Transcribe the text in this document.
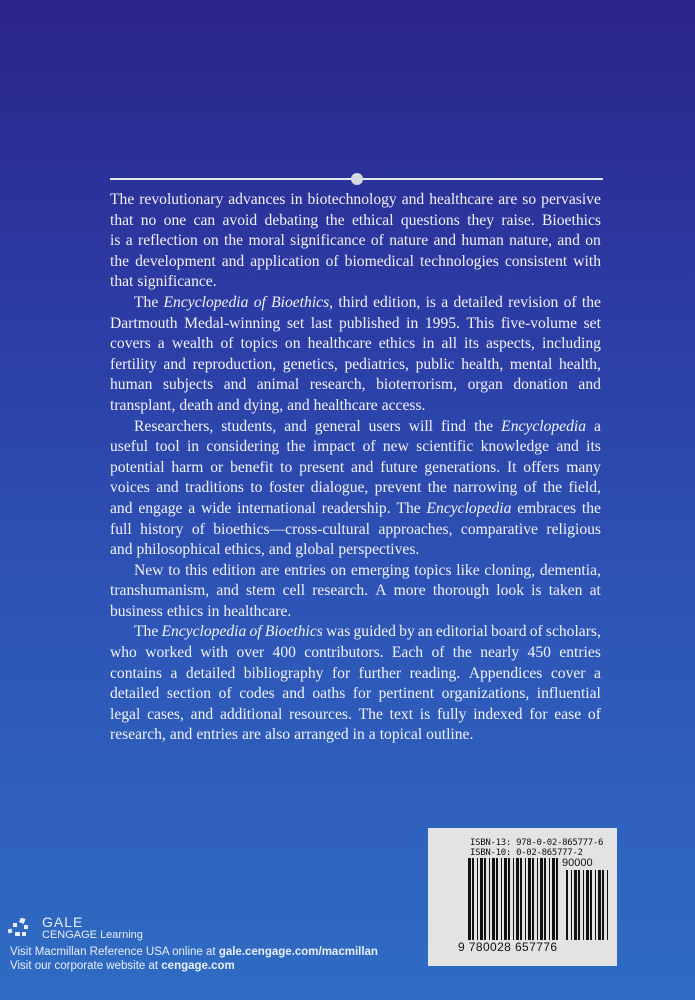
The revolutionary advances in biotechnology and healthcare are so pervasive
that no one can avoid debating the ethical questions they raise. Bioethics
is a reflection on the moral significance of nature and human nature, and on
the development and application of biomedical technologies consistent with
that significance.
The Encyclopedia of Bioethics, third edition, is a detailed revision of the
Dartmouth Medal-winning set last published in 1995. This five-volume set
covers a wealth of topics on healthcare ethics in all its aspects, including
fertility and reproduction, genetics, pediatrics, public health, mental health,
human subjects and animal research, bioterrorism, organ donation and
transplant, death and dying, and healthcare access.
Researchers, students, and general users will find the Encyclopedia a
useful tool in considering the impact of new scientific knowledge and its
potential harm or benefit to present and future generations. It offers many
voices and traditions to foster dialogue, prevent the narrowing of the field,
and engage a wide international readership. The Encyclopedia embraces the
full history of bioethics—cross-cultural approaches, comparative religious
and philosophical ethics, and global perspectives.
New to this edition are entries on emerging topics like cloning, dementia,
transhumanism, and stem cell research. A more thorough look is taken at
business ethics in healthcare.
The Encyclopedia of Bioethics was guided by an editorial board of scholars,
who worked with over 400 contributors. Each of the nearly 450 entries
contains a detailed bibliography for further reading. Appendices cover a
detailed section of codes and oaths for pertinent organizations, influential
legal cases, and additional resources. The text is fully indexed for ease of
research, and entries are also arranged in a topical outline.
ISBN-13: 978-0-02-865777-6
ISBN-10: 0-02-865777-2
90000
9 780028 657776
GALE
CENGAGE Learning
Visit Macmillan Reference USA online at gale.cengage.com/macmillan
Visit our corporate website at cengage.com
